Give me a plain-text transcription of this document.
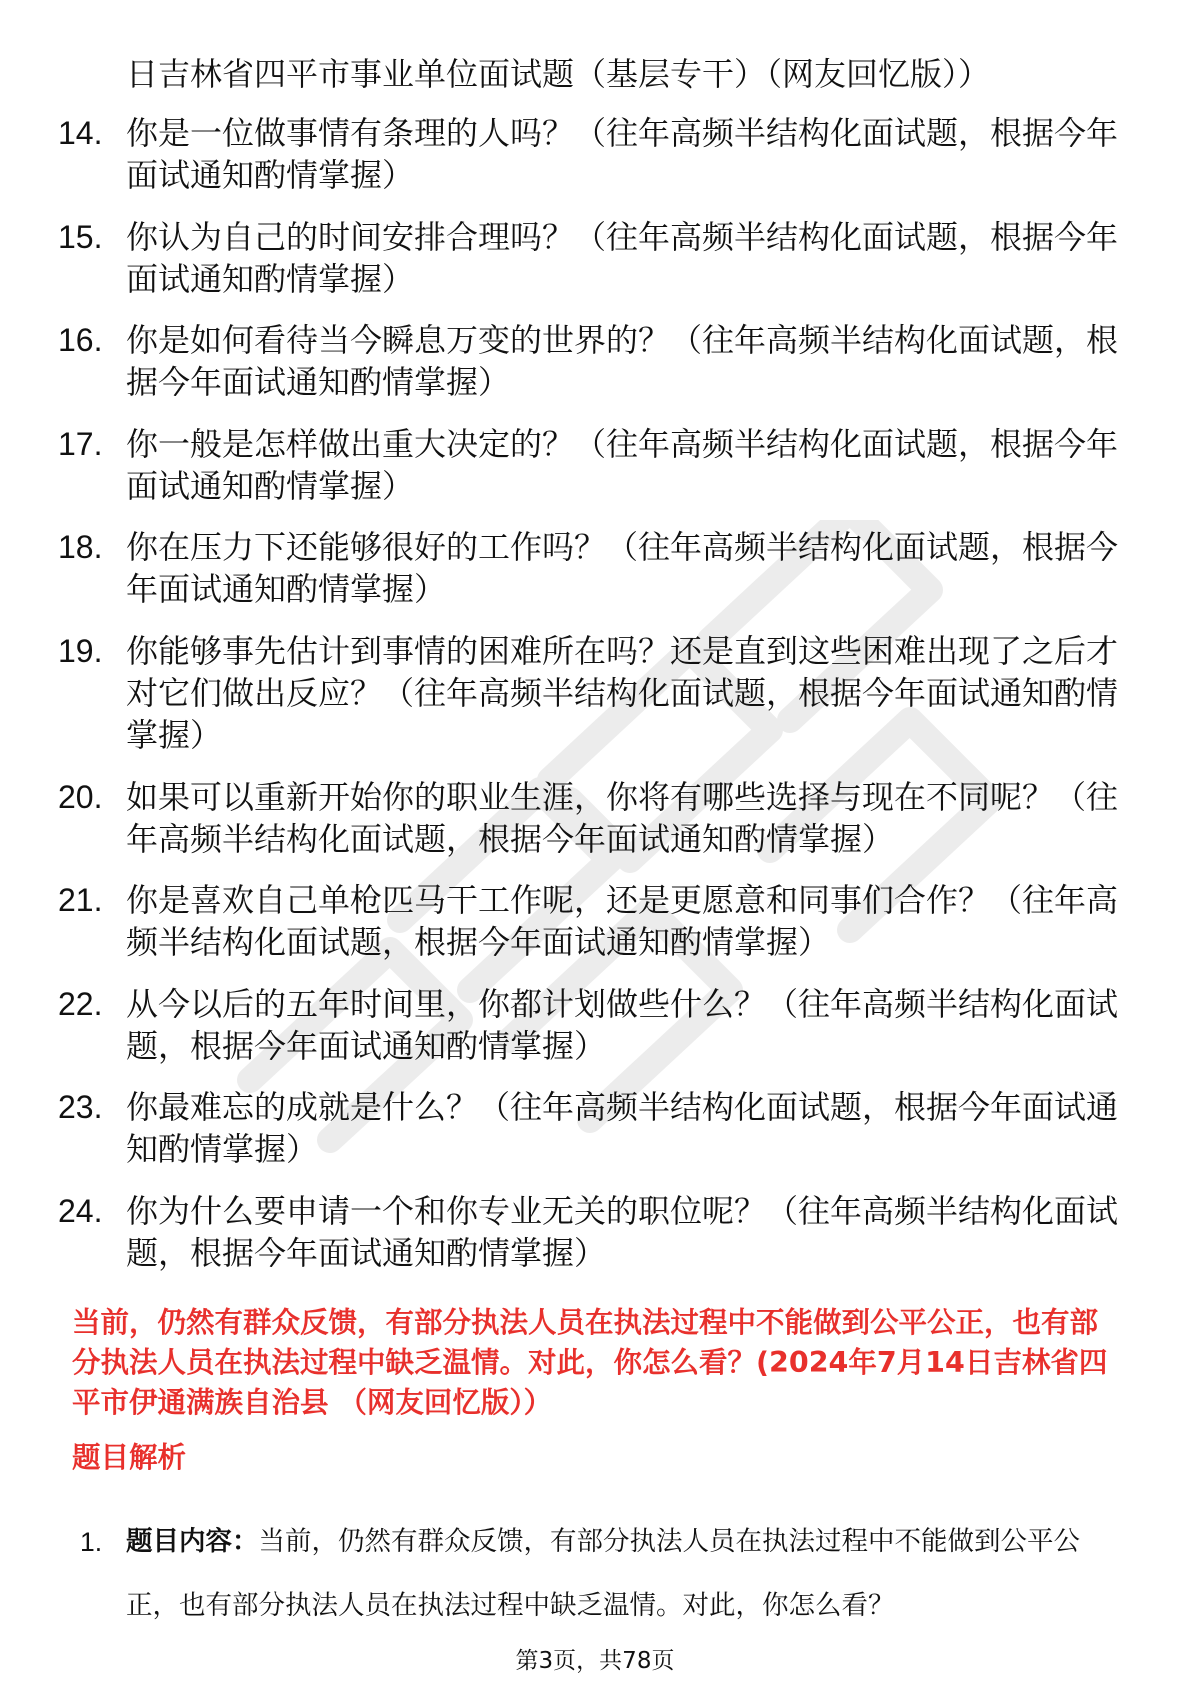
日吉林省四平市事业单位面试题（基层专干）（网友回忆版））
14. 你是一位做事情有条理的人吗？（往年高频半结构化面试题，根据今年面试通知酌情掌握）
15. 你认为自己的时间安排合理吗？（往年高频半结构化面试题，根据今年面试通知酌情掌握）
16. 你是如何看待当今瞬息万变的世界的？（往年高频半结构化面试题，根据今年面试通知酌情掌握）
17. 你一般是怎样做出重大决定的？（往年高频半结构化面试题，根据今年面试通知酌情掌握）
18. 你在压力下还能够很好的工作吗？（往年高频半结构化面试题，根据今年面试通知酌情掌握）
19. 你能够事先估计到事情的困难所在吗？还是直到这些困难出现了之后才对它们做出反应？（往年高频半结构化面试题，根据今年面试通知酌情掌握）
20. 如果可以重新开始你的职业生涯，你将有哪些选择与现在不同呢？（往年高频半结构化面试题，根据今年面试通知酌情掌握）
21. 你是喜欢自己单枪匹马干工作呢，还是更愿意和同事们合作？（往年高频半结构化面试题，根据今年面试通知酌情掌握）
22. 从今以后的五年时间里，你都计划做些什么？（往年高频半结构化面试题，根据今年面试通知酌情掌握）
23. 你最难忘的成就是什么？（往年高频半结构化面试题，根据今年面试通知酌情掌握）
24. 你为什么要申请一个和你专业无关的职位呢？（往年高频半结构化面试题，根据今年面试通知酌情掌握）

当前，仍然有群众反馈，有部分执法人员在执法过程中不能做到公平公正，也有部分执法人员在执法过程中缺乏温情。对此，你怎么看？(2024年7月14日吉林省四平市伊通满族自治县 （网友回忆版））

题目解析

1. 题目内容：当前，仍然有群众反馈，有部分执法人员在执法过程中不能做到公平公正，也有部分执法人员在执法过程中缺乏温情。对此，你怎么看？
第3页，共78页
